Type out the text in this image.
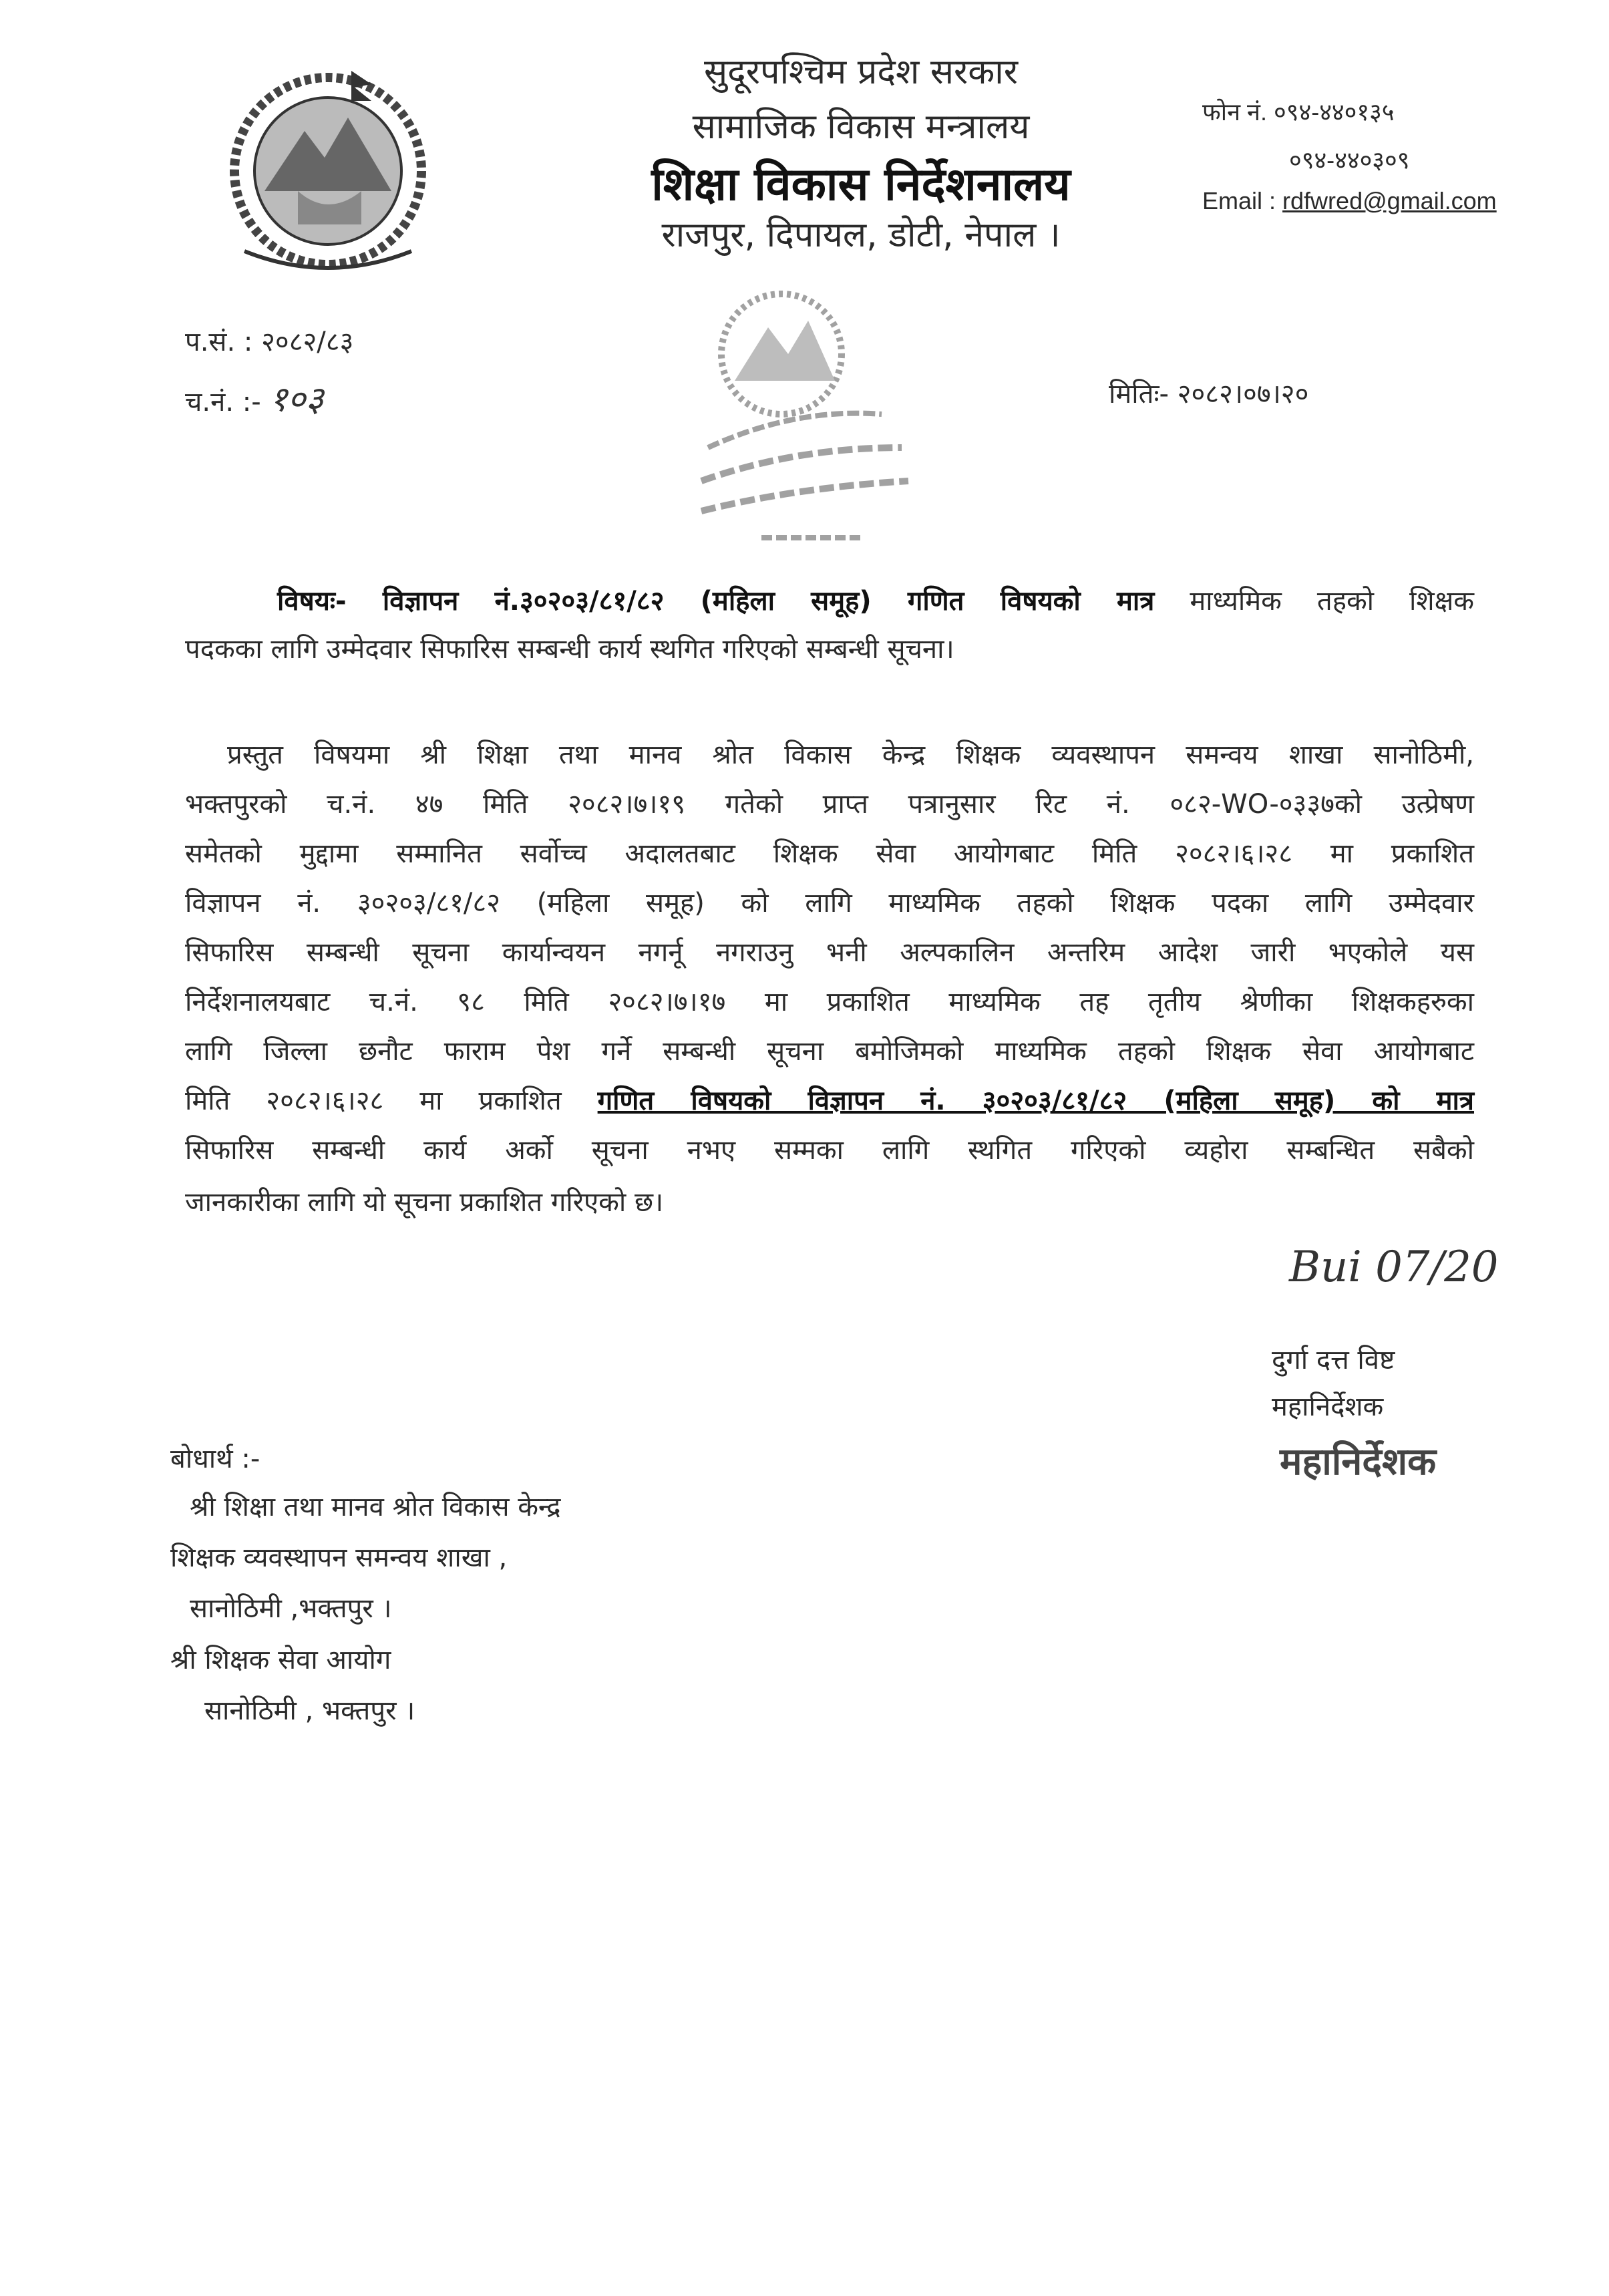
सुदूरपश्चिम प्रदेश सरकार
सामाजिक विकास मन्त्रालय
शिक्षा विकास निर्देशनालय
राजपुर, दिपायल, डोटी, नेपाल ।
फोन नं. ०९४-४४०१३५
०९४-४४०३०९
Email : rdfwred@gmail.com
प.सं. : २०८२/८३
च.नं. :- १०३	मितिः- २०८२।०७।२०
विषयः- विज्ञापन नं.३०२०३/८१/८२ (महिला समूह) गणित विषयको मात्र माध्यमिक तहको शिक्षक
पदकका लागि उम्मेदवार सिफारिस सम्बन्धी कार्य स्थगित गरिएको सम्बन्धी सूचना।
प्रस्तुत विषयमा श्री शिक्षा तथा मानव श्रोत विकास केन्द्र शिक्षक व्यवस्थापन समन्वय शाखा सानोठिमी,
भक्तपुरको च.नं. ४७ मिति २०८२।७।१९ गतेको प्राप्त पत्रानुसार रिट नं. ०८२-WO-०३३७को उत्प्रेषण
समेतको मुद्दामा सम्मानित सर्वोच्च अदालतबाट शिक्षक सेवा आयोगबाट मिति २०८२।६।२८ मा प्रकाशित
विज्ञापन नं. ३०२०३/८१/८२ (महिला समूह) को लागि माध्यमिक तहको शिक्षक पदका लागि उम्मेदवार
सिफारिस सम्बन्धी सूचना कार्यान्वयन नगर्नू नगराउनु भनी अल्पकालिन अन्तरिम आदेश जारी भएकोले यस
निर्देशनालयबाट च.नं. ९८ मिति २०८२।७।१७ मा प्रकाशित माध्यमिक तह तृतीय श्रेणीका शिक्षकहरुका
लागि जिल्ला छनौट फाराम पेश गर्ने सम्बन्धी सूचना बमोजिमको माध्यमिक तहको शिक्षक सेवा आयोगबाट
मिति २०८२।६।२८ मा प्रकाशित गणित विषयको विज्ञापन नं. ३०२०३/८१/८२ (महिला समूह) को मात्र
सिफारिस सम्बन्धी कार्य अर्को सूचना नभए सम्मका लागि स्थगित गरिएको व्यहोरा सम्बन्धित सबैको
जानकारीका लागि यो सूचना प्रकाशित गरिएको छ।
Bui 07/20
दुर्गा दत्त विष्ट
महानिर्देशक
महानिर्देशक
बोधार्थ :-
श्री शिक्षा तथा मानव श्रोत विकास केन्द्र
शिक्षक व्यवस्थापन समन्वय शाखा ,
सानोठिमी ,भक्तपुर ।
श्री शिक्षक सेवा आयोग
सानोठिमी , भक्तपुर ।
